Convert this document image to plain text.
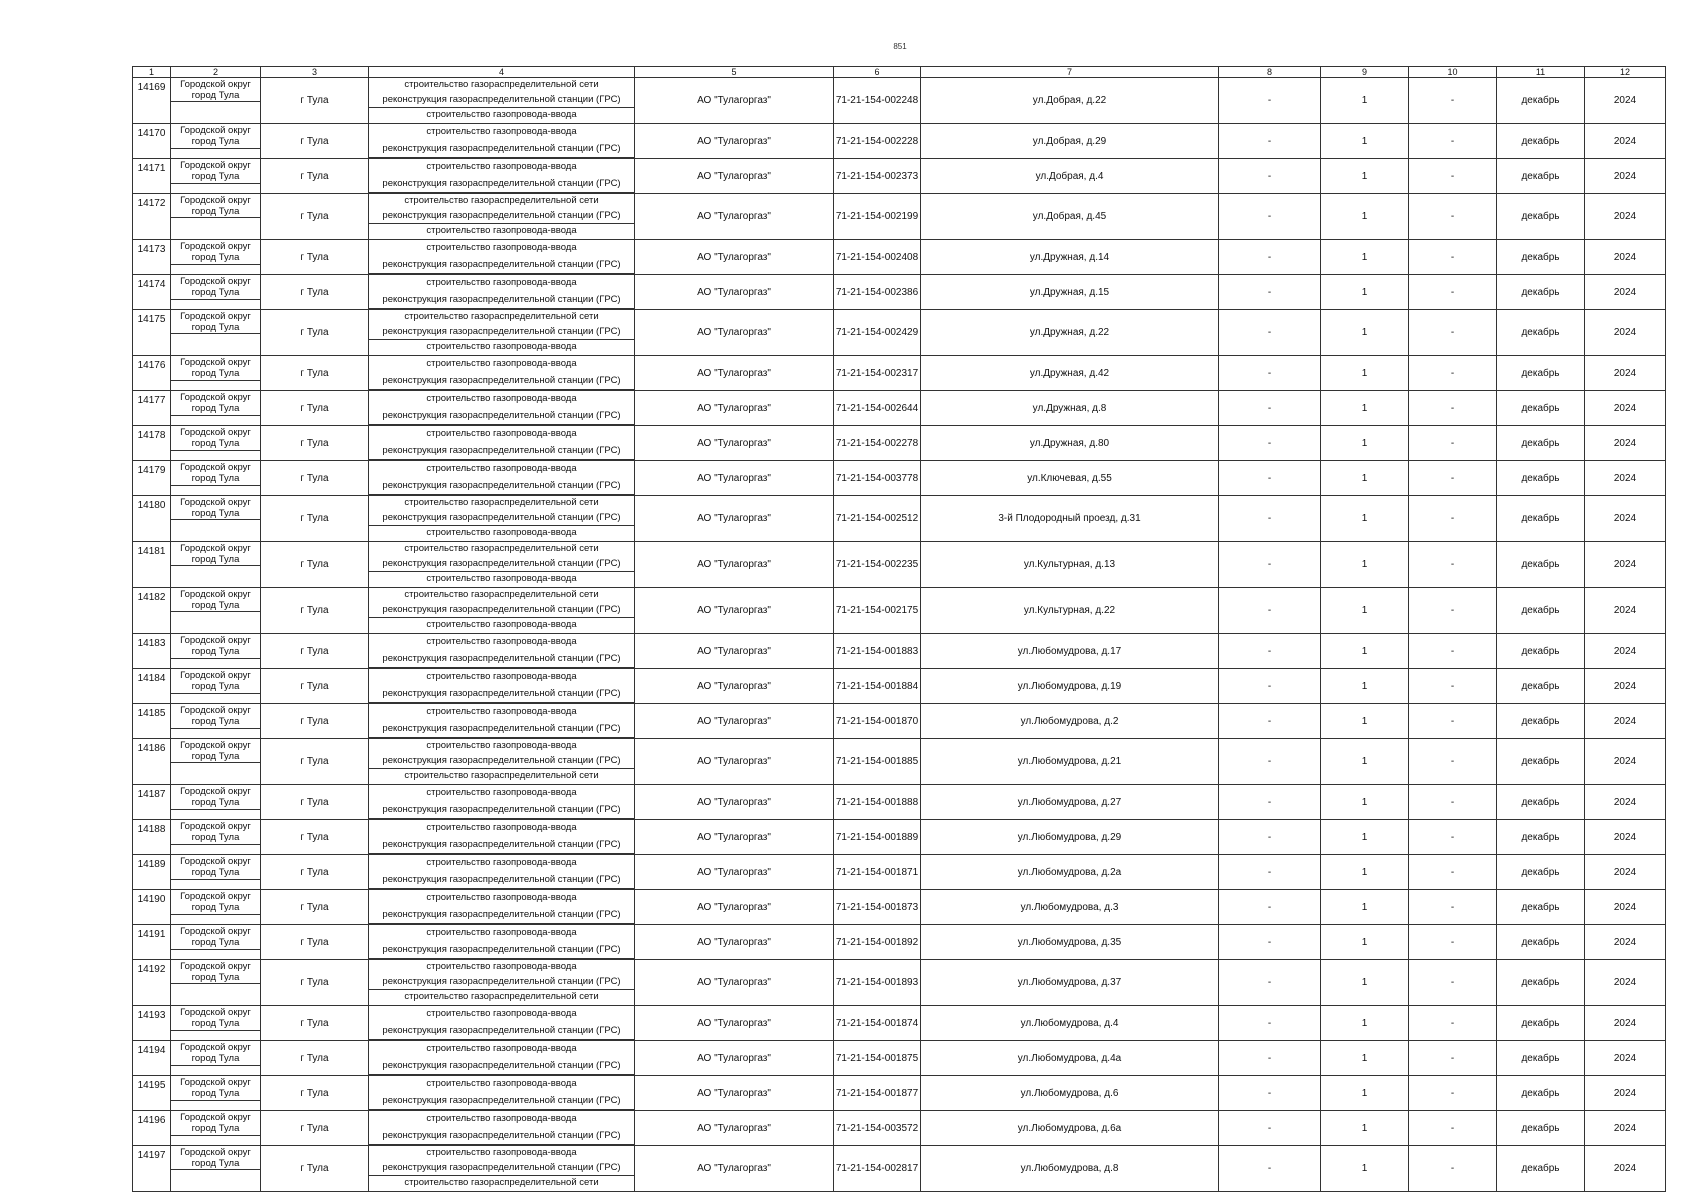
851
1	2	3	4	5	6	7	8	9	10	11	12
14169	Городской округ город Тула	г Тула	строительство газораспределительной сети
реконструкция газораспределительной станции (ГРС)
строительство газопровода-ввода	АО "Тулагоргаз"	71-21-154-002248	ул.Добрая, д.22	-	1	-	декабрь	2024
14170	Городской округ город Тула	г Тула	строительство газопровода-ввода
реконструкция газораспределительной станции (ГРС)	АО "Тулагоргаз"	71-21-154-002228	ул.Добрая, д.29	-	1	-	декабрь	2024
14171	Городской округ город Тула	г Тула	строительство газопровода-ввода
реконструкция газораспределительной станции (ГРС)	АО "Тулагоргаз"	71-21-154-002373	ул.Добрая, д.4	-	1	-	декабрь	2024
14172	Городской округ город Тула	г Тула	строительство газораспределительной сети
реконструкция газораспределительной станции (ГРС)
строительство газопровода-ввода	АО "Тулагоргаз"	71-21-154-002199	ул.Добрая, д.45	-	1	-	декабрь	2024
14173	Городской округ город Тула	г Тула	строительство газопровода-ввода
реконструкция газораспределительной станции (ГРС)	АО "Тулагоргаз"	71-21-154-002408	ул.Дружная, д.14	-	1	-	декабрь	2024
14174	Городской округ город Тула	г Тула	строительство газопровода-ввода
реконструкция газораспределительной станции (ГРС)	АО "Тулагоргаз"	71-21-154-002386	ул.Дружная, д.15	-	1	-	декабрь	2024
14175	Городской округ город Тула	г Тула	строительство газораспределительной сети
реконструкция газораспределительной станции (ГРС)
строительство газопровода-ввода	АО "Тулагоргаз"	71-21-154-002429	ул.Дружная, д.22	-	1	-	декабрь	2024
14176	Городской округ город Тула	г Тула	строительство газопровода-ввода
реконструкция газораспределительной станции (ГРС)	АО "Тулагоргаз"	71-21-154-002317	ул.Дружная, д.42	-	1	-	декабрь	2024
14177	Городской округ город Тула	г Тула	строительство газопровода-ввода
реконструкция газораспределительной станции (ГРС)	АО "Тулагоргаз"	71-21-154-002644	ул.Дружная, д.8	-	1	-	декабрь	2024
14178	Городской округ город Тула	г Тула	строительство газопровода-ввода
реконструкция газораспределительной станции (ГРС)	АО "Тулагоргаз"	71-21-154-002278	ул.Дружная, д.80	-	1	-	декабрь	2024
14179	Городской округ город Тула	г Тула	строительство газопровода-ввода
реконструкция газораспределительной станции (ГРС)	АО "Тулагоргаз"	71-21-154-003778	ул.Ключевая, д.55	-	1	-	декабрь	2024
14180	Городской округ город Тула	г Тула	строительство газораспределительной сети
реконструкция газораспределительной станции (ГРС)
строительство газопровода-ввода	АО "Тулагоргаз"	71-21-154-002512	3-й Плодородный проезд, д.31	-	1	-	декабрь	2024
14181	Городской округ город Тула	г Тула	строительство газораспределительной сети
реконструкция газораспределительной станции (ГРС)
строительство газопровода-ввода	АО "Тулагоргаз"	71-21-154-002235	ул.Культурная, д.13	-	1	-	декабрь	2024
14182	Городской округ город Тула	г Тула	строительство газораспределительной сети
реконструкция газораспределительной станции (ГРС)
строительство газопровода-ввода	АО "Тулагоргаз"	71-21-154-002175	ул.Культурная, д.22	-	1	-	декабрь	2024
14183	Городской округ город Тула	г Тула	строительство газопровода-ввода
реконструкция газораспределительной станции (ГРС)	АО "Тулагоргаз"	71-21-154-001883	ул.Любомудрова, д.17	-	1	-	декабрь	2024
14184	Городской округ город Тула	г Тула	строительство газопровода-ввода
реконструкция газораспределительной станции (ГРС)	АО "Тулагоргаз"	71-21-154-001884	ул.Любомудрова, д.19	-	1	-	декабрь	2024
14185	Городской округ город Тула	г Тула	строительство газопровода-ввода
реконструкция газораспределительной станции (ГРС)	АО "Тулагоргаз"	71-21-154-001870	ул.Любомудрова, д.2	-	1	-	декабрь	2024
14186	Городской округ город Тула	г Тула	строительство газопровода-ввода
реконструкция газораспределительной станции (ГРС)
строительство газораспределительной сети	АО "Тулагоргаз"	71-21-154-001885	ул.Любомудрова, д.21	-	1	-	декабрь	2024
14187	Городской округ город Тула	г Тула	строительство газопровода-ввода
реконструкция газораспределительной станции (ГРС)	АО "Тулагоргаз"	71-21-154-001888	ул.Любомудрова, д.27	-	1	-	декабрь	2024
14188	Городской округ город Тула	г Тула	строительство газопровода-ввода
реконструкция газораспределительной станции (ГРС)	АО "Тулагоргаз"	71-21-154-001889	ул.Любомудрова, д.29	-	1	-	декабрь	2024
14189	Городской округ город Тула	г Тула	строительство газопровода-ввода
реконструкция газораспределительной станции (ГРС)	АО "Тулагоргаз"	71-21-154-001871	ул.Любомудрова, д.2а	-	1	-	декабрь	2024
14190	Городской округ город Тула	г Тула	строительство газопровода-ввода
реконструкция газораспределительной станции (ГРС)	АО "Тулагоргаз"	71-21-154-001873	ул.Любомудрова, д.3	-	1	-	декабрь	2024
14191	Городской округ город Тула	г Тула	строительство газопровода-ввода
реконструкция газораспределительной станции (ГРС)	АО "Тулагоргаз"	71-21-154-001892	ул.Любомудрова, д.35	-	1	-	декабрь	2024
14192	Городской округ город Тула	г Тула	строительство газопровода-ввода
реконструкция газораспределительной станции (ГРС)
строительство газораспределительной сети	АО "Тулагоргаз"	71-21-154-001893	ул.Любомудрова, д.37	-	1	-	декабрь	2024
14193	Городской округ город Тула	г Тула	строительство газопровода-ввода
реконструкция газораспределительной станции (ГРС)	АО "Тулагоргаз"	71-21-154-001874	ул.Любомудрова, д.4	-	1	-	декабрь	2024
14194	Городской округ город Тула	г Тула	строительство газопровода-ввода
реконструкция газораспределительной станции (ГРС)	АО "Тулагоргаз"	71-21-154-001875	ул.Любомудрова, д.4а	-	1	-	декабрь	2024
14195	Городской округ город Тула	г Тула	строительство газопровода-ввода
реконструкция газораспределительной станции (ГРС)	АО "Тулагоргаз"	71-21-154-001877	ул.Любомудрова, д.6	-	1	-	декабрь	2024
14196	Городской округ город Тула	г Тула	строительство газопровода-ввода
реконструкция газораспределительной станции (ГРС)	АО "Тулагоргаз"	71-21-154-003572	ул.Любомудрова, д.6а	-	1	-	декабрь	2024
14197	Городской округ город Тула	г Тула	строительство газопровода-ввода
реконструкция газораспределительной станции (ГРС)
строительство газораспределительной сети	АО "Тулагоргаз"	71-21-154-002817	ул.Любомудрова, д.8	-	1	-	декабрь	2024
